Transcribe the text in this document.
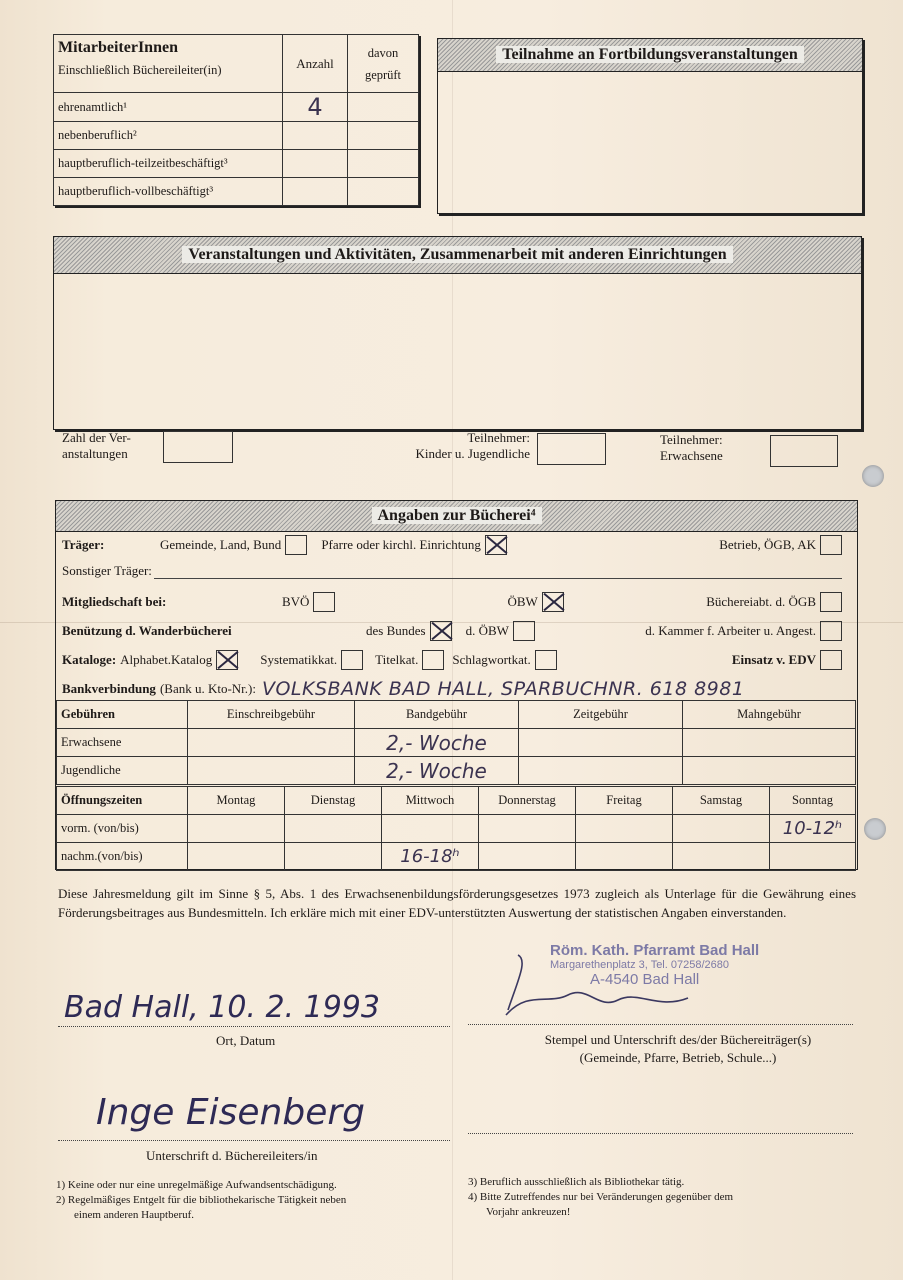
MitarbeiterInnen
Einschließlich Büchereileiter(in)	Anzahl	davon geprüft
ehrenamtlich¹	4	
nebenberuflich²		
hauptberuflich-teilzeitbeschäftigt³		
hauptberuflich-vollbeschäftigt³		
Teilnahme an Fortbildungsveranstaltungen
Veranstaltungen und Aktivitäten, Zusammenarbeit mit anderen Einrichtungen
Zahl der Ver-
anstaltungen
Teilnehmer:
Kinder u. Jugendliche
Teilnehmer:
Erwachsene
Angaben zur Bücherei⁴
Träger:	Gemeinde, Land, Bund	Pfarre oder kirchl. Einrichtung	Betrieb, ÖGB, AK
Sonstiger Träger:
Mitgliedschaft bei:	BVÖ	ÖBW	Büchereiabt. d. ÖGB
Benützung d. Wanderbücherei	des Bundes	d. ÖBW	d. Kammer f. Arbeiter u. Angest.
Kataloge: Alphabet.Katalog	Systematikkat.	Titelkat.	Schlagwortkat.	Einsatz v. EDV
Bankverbindung (Bank u. Kto-Nr.): VOLKSBANK BAD HALL, SPARBUCHNR. 618 8981
Gebühren	Einschreibgebühr	Bandgebühr	Zeitgebühr	Mahngebühr
Erwachsene		2,- Woche		
Jugendliche		2,- Woche		
Öffnungszeiten	Montag	Dienstag	Mittwoch	Donnerstag	Freitag	Samstag	Sonntag
vorm. (von/bis)							10-12ʰ
nachm.(von/bis)			16-18ʰ				

Diese Jahresmeldung gilt im Sinne § 5, Abs. 1 des Erwachsenenbildungsförderungsgesetzes 1973 zugleich als Unterlage für die Gewährung eines Förderungsbeitrages aus Bundesmitteln. Ich erkläre mich mit einer EDV-unterstützten Auswertung der statistischen Angaben einverstanden.

Röm. Kath. Pfarramt Bad Hall
Margarethenplatz 3, Tel. 07258/2680
A-4540 Bad Hall
Bad Hall, 10. 2. 1993
Ort, Datum	Stempel und Unterschrift des/der Büchereiträger(s)
(Gemeinde, Pfarre, Betrieb, Schule...)
Inge Eisenberg
Unterschrift d. Büchereileiters/in
1) Keine oder nur eine unregelmäßige Aufwandsentschädigung.
2) Regelmäßiges Entgelt für die bibliothekarische Tätigkeit neben
einem anderen Hauptberuf.
3) Beruflich ausschließlich als Bibliothekar tätig.
4) Bitte Zutreffendes nur bei Veränderungen gegenüber dem
Vorjahr ankreuzen!
